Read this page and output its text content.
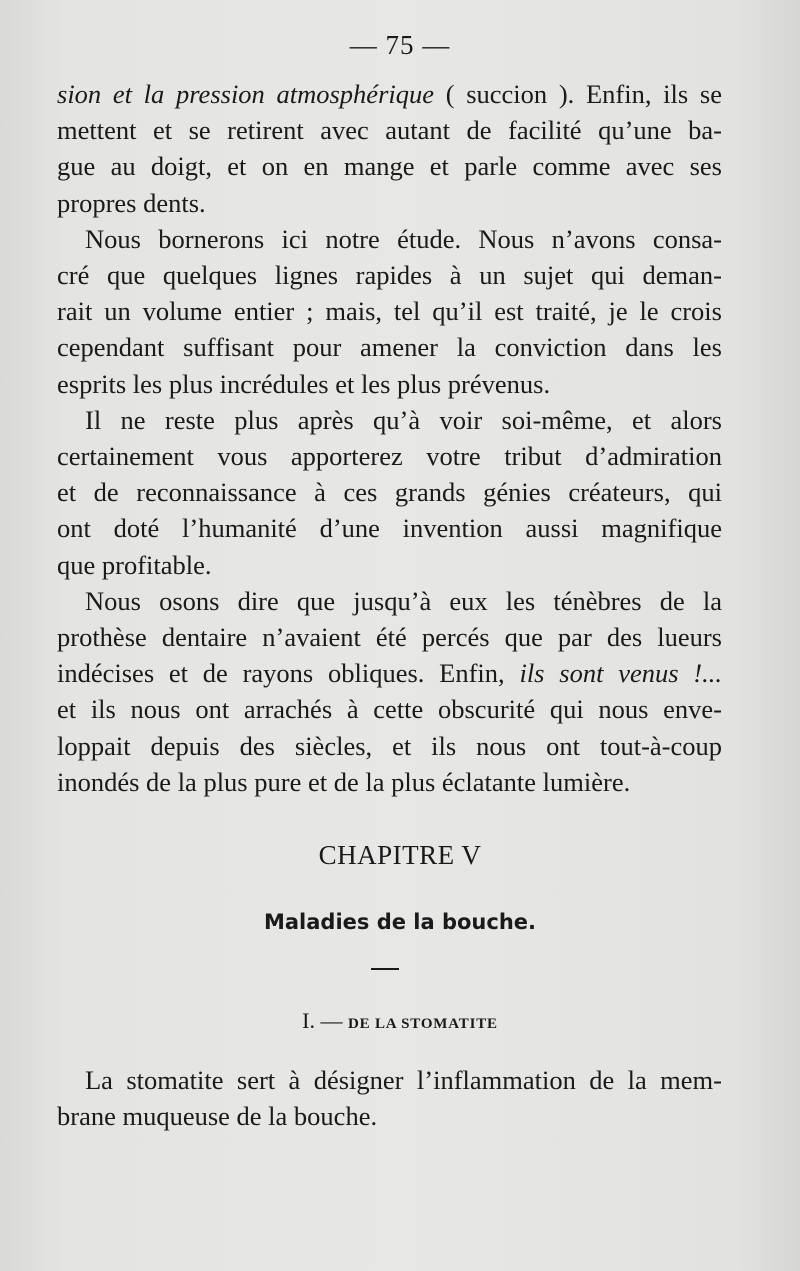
— 75 —
sion et la pression atmosphérique ( succion ). Enfin, ils se
mettent et se retirent avec autant de facilité qu’une ba-
gue au doigt, et on en mange et parle comme avec ses
propres dents.
Nous bornerons ici notre étude. Nous n’avons consa-
cré que quelques lignes rapides à un sujet qui deman-
rait un volume entier ; mais, tel qu’il est traité, je le crois
cependant suffisant pour amener la conviction dans les
esprits les plus incrédules et les plus prévenus.
Il ne reste plus après qu’à voir soi-même, et alors
certainement vous apporterez votre tribut d’admiration
et de reconnaissance à ces grands génies créateurs, qui
ont doté l’humanité d’une invention aussi magnifique
que profitable.
Nous osons dire que jusqu’à eux les ténèbres de la
prothèse dentaire n’avaient été percés que par des lueurs
indécises et de rayons obliques. Enfin, ils sont venus !...
et ils nous ont arrachés à cette obscurité qui nous enve-
loppait depuis des siècles, et ils nous ont tout-à-coup
inondés de la plus pure et de la plus éclatante lumière.
CHAPITRE V
Maladies de la bouche.
I. — DE LA STOMATITE
La stomatite sert à désigner l’inflammation de la mem-
brane muqueuse de la bouche.
